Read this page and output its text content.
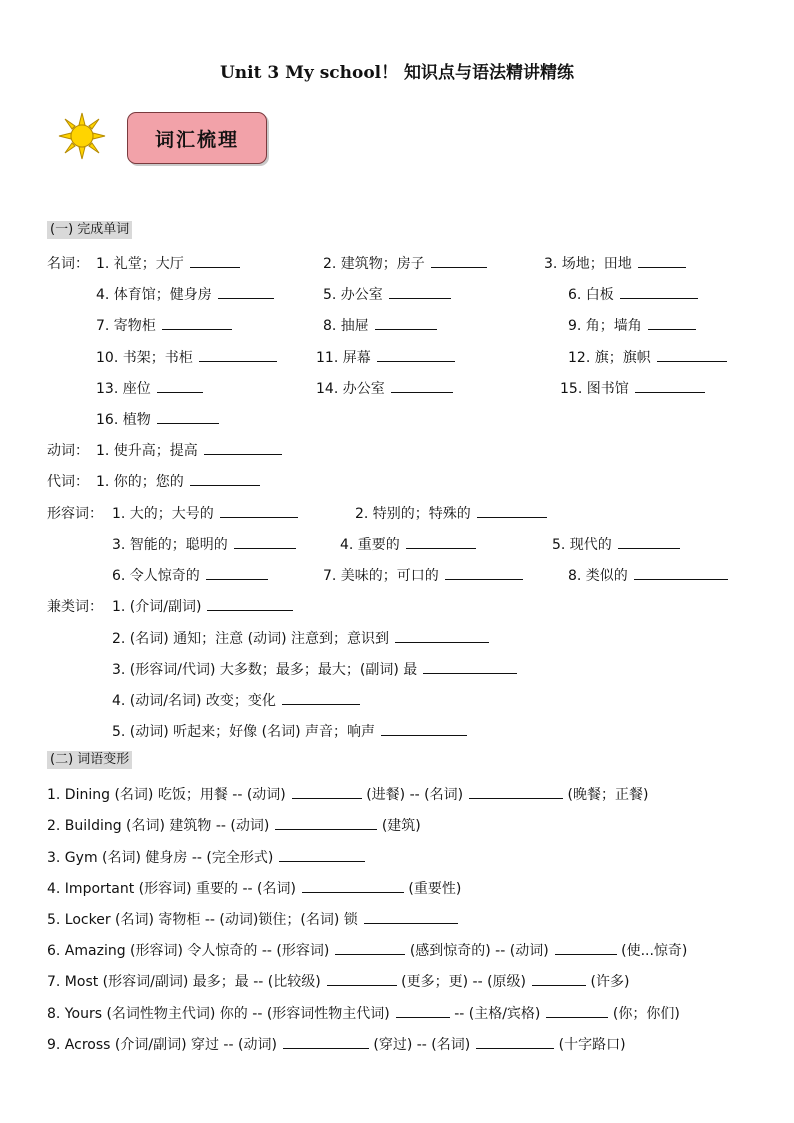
Unit 3 My school！ 知识点与语法精讲精练
词汇梳理
(一) 完成单词
名词： 1. 礼堂；大厅	2. 建筑物；房子	3. 场地；田地
4. 体育馆；健身房	5. 办公室	6. 白板
7. 寄物柜	8. 抽屉	9. 角；墙角
10. 书架；书柜	11. 屏幕	12. 旗；旗帜
13. 座位	14. 办公室	15. 图书馆
16. 植物
动词： 1. 使升高；提高
代词： 1. 你的；您的
形容词： 1. 大的；大号的	2. 特别的；特殊的
3. 智能的；聪明的	4. 重要的	5. 现代的
6. 令人惊奇的	7. 美味的；可口的	8. 类似的
兼类词： 1. (介词/副词)
2. (名词) 通知；注意 (动词) 注意到；意识到
3. (形容词/代词) 大多数；最多；最大；(副词) 最
4. (动词/名词) 改变；变化
5. (动词) 听起来；好像 (名词) 声音；响声
(二) 词语变形
1. Dining (名词) 吃饭；用餐 -- (动词)	(进餐) -- (名词)	(晚餐；正餐)
2. Building (名词) 建筑物 -- (动词)	(建筑)
3. Gym (名词) 健身房 -- (完全形式)
4. Important (形容词) 重要的 -- (名词)	(重要性)
5. Locker (名词) 寄物柜 -- (动词)锁住；(名词) 锁
6. Amazing (形容词) 令人惊奇的 -- (形容词)	(感到惊奇的) -- (动词)	(使...惊奇)
7. Most (形容词/副词) 最多；最 -- (比较级)	(更多；更) -- (原级)	(许多)
8. Yours (名词性物主代词) 你的 -- (形容词性物主代词)	-- (主格/宾格)	(你；你们)
9. Across (介词/副词) 穿过 -- (动词)	(穿过) -- (名词)	(十字路口)
